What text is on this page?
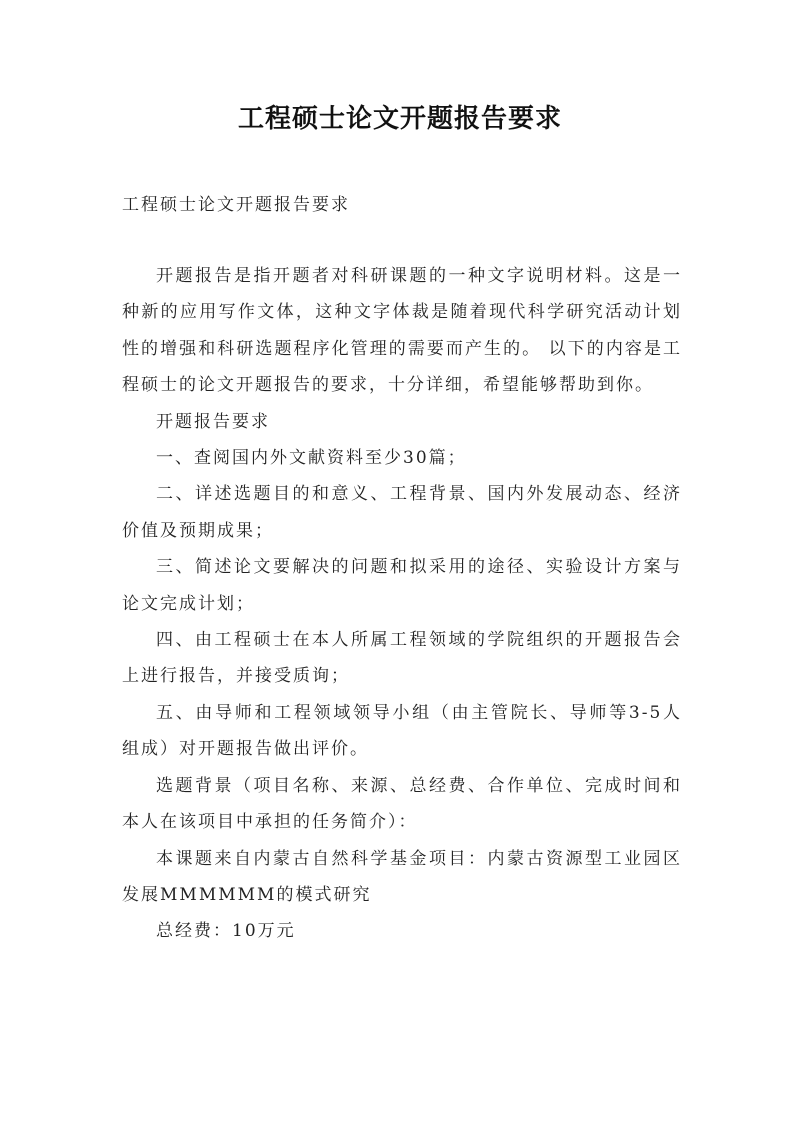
工程硕士论文开题报告要求
工程硕士论文开题报告要求

开题报告是指开题者对科研课题的一种文字说明材料。这是一种新的应用写作文体，这种文字体裁是随着现代科学研究活动计划性的增强和科研选题程序化管理的需要而产生的。 以下的内容是工程硕士的论文开题报告的要求，十分详细，希望能够帮助到你。

开题报告要求

一、查阅国内外文献资料至少30篇；

二、详述选题目的和意义、工程背景、国内外发展动态、经济价值及预期成果；

三、简述论文要解决的问题和拟采用的途径、实验设计方案与论文完成计划；

四、由工程硕士在本人所属工程领域的学院组织的开题报告会上进行报告，并接受质询；

五、由导师和工程领域领导小组（由主管院长、导师等3-5人组成）对开题报告做出评价。

选题背景（项目名称、来源、总经费、合作单位、完成时间和本人在该项目中承担的任务简介）：

本课题来自内蒙古自然科学基金项目：内蒙古资源型工业园区发展MMMMMM的模式研究

总经费：10万元
